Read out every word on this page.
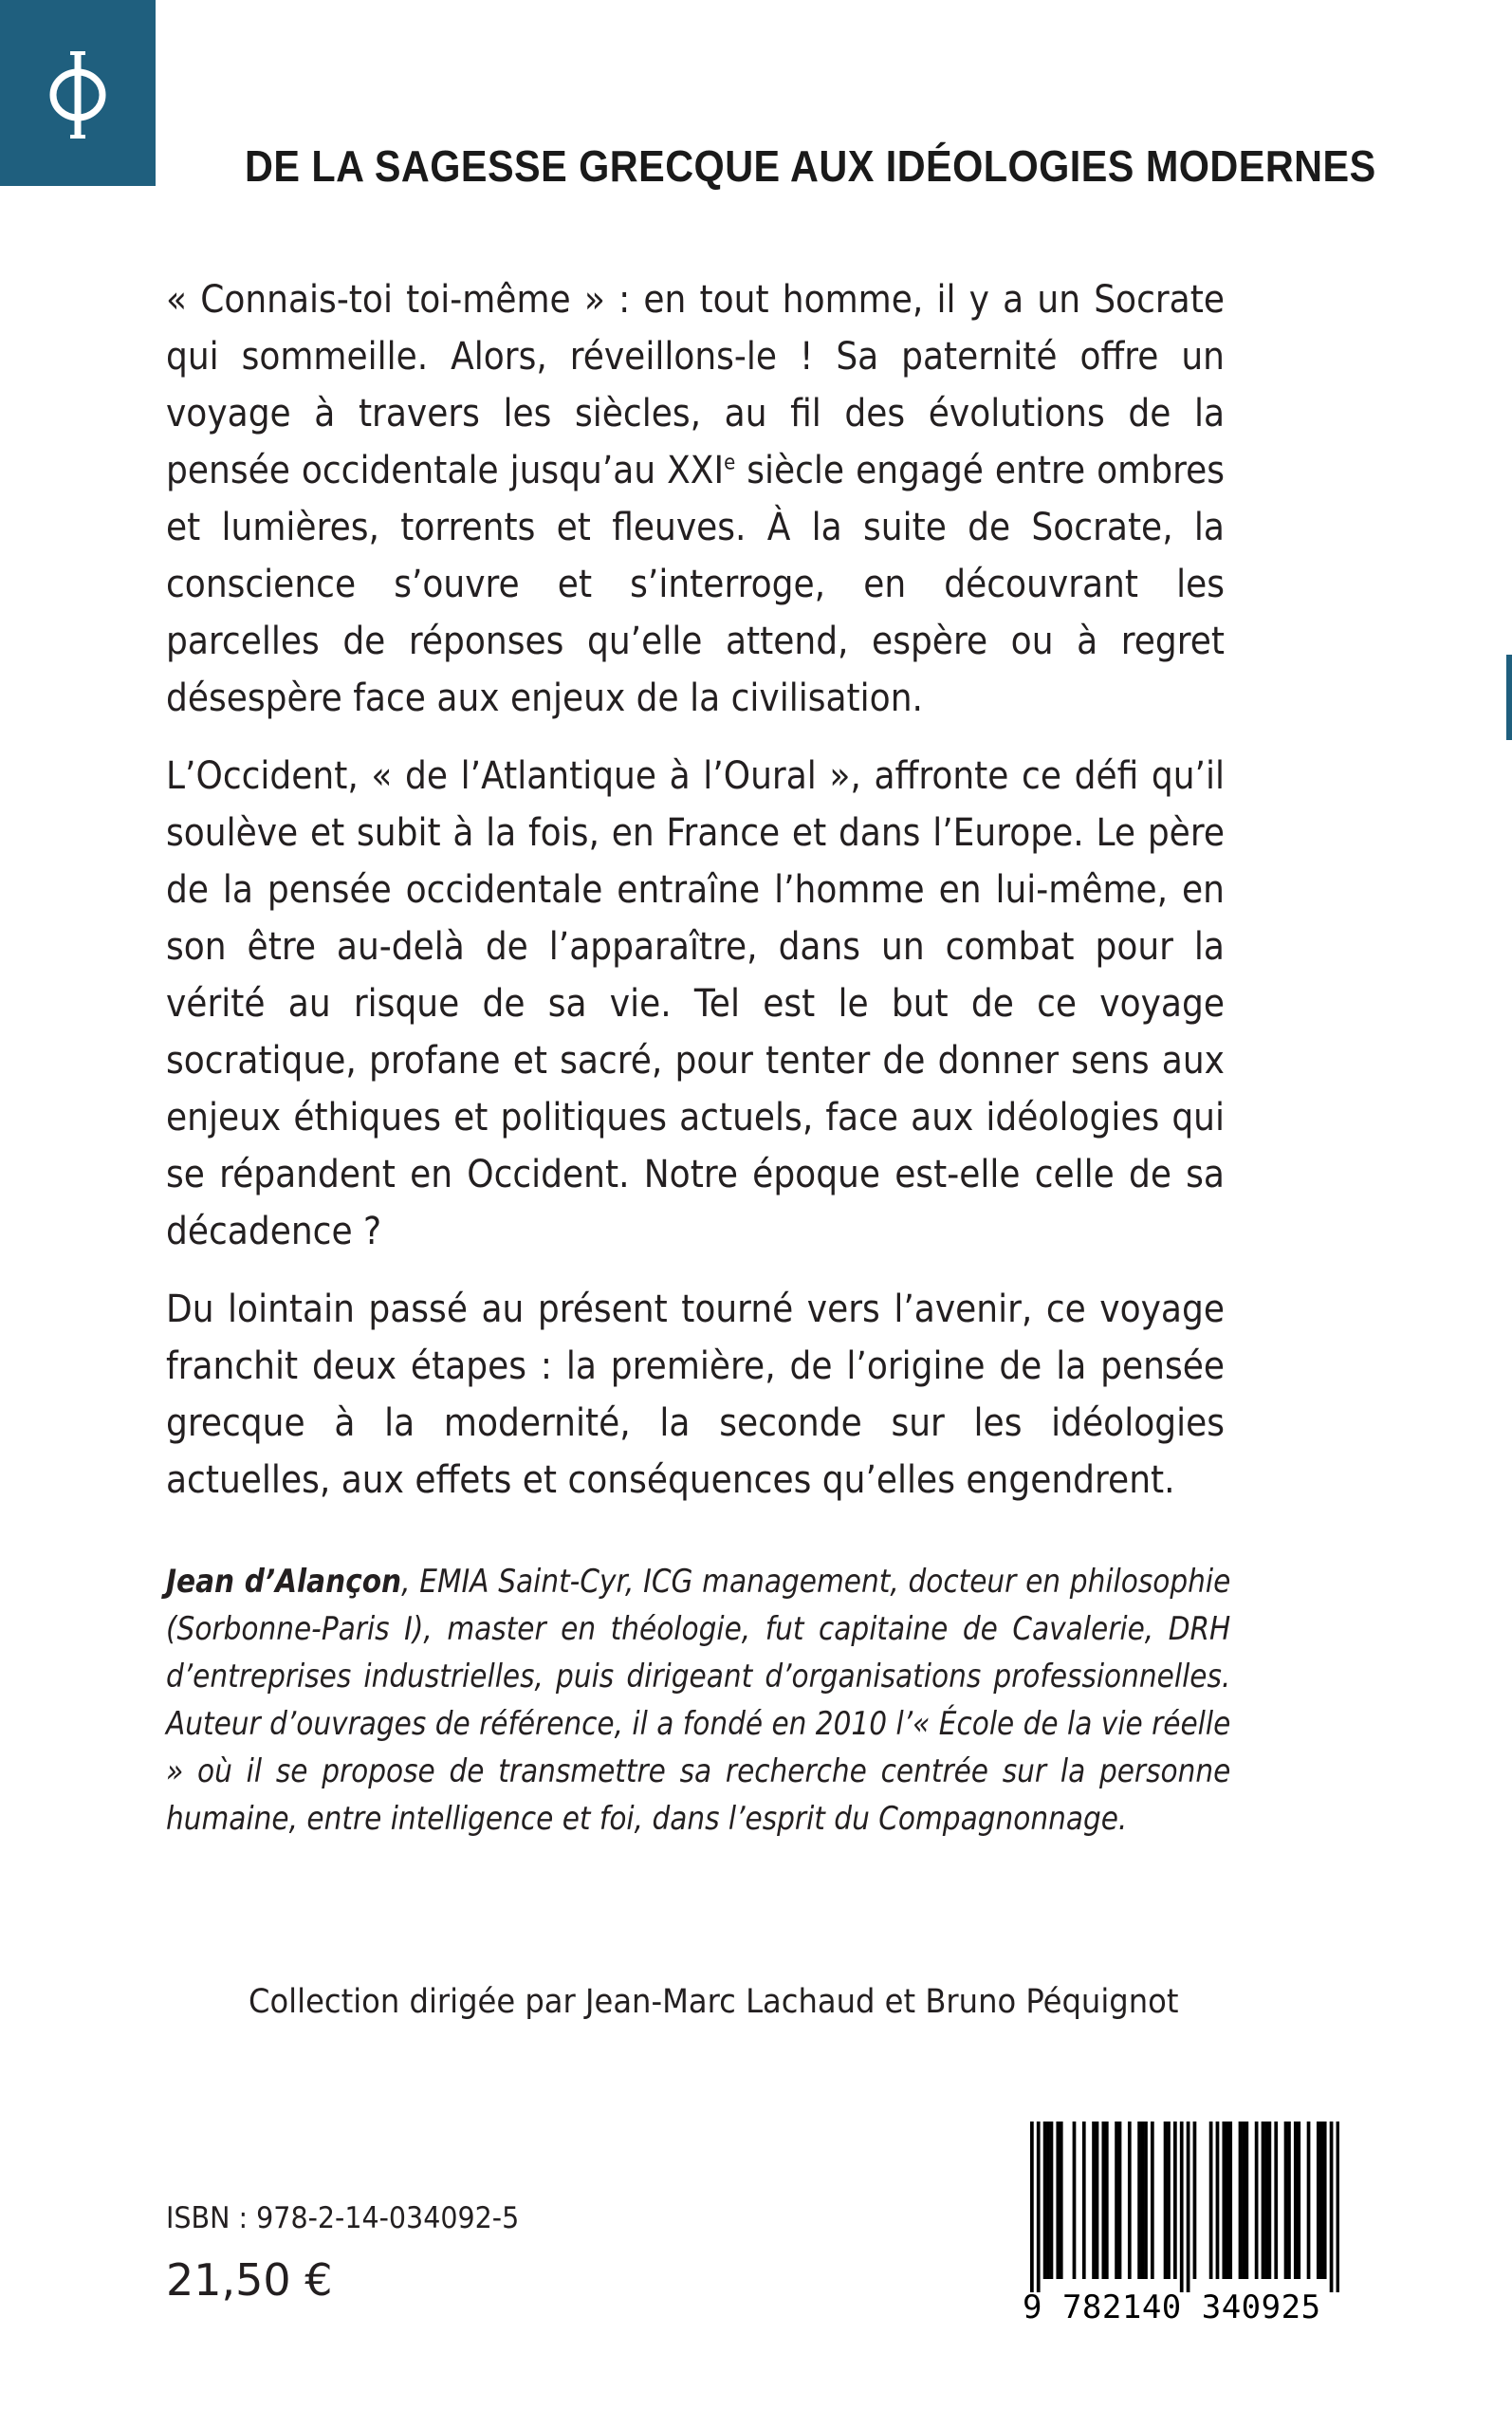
DE LA SAGESSE GRECQUE AUX IDÉOLOGIES MODERNES

« Connais-toi toi-même » : en tout homme, il y a un Socrate qui sommeille. Alors, réveillons-le ! Sa paternité offre un voyage à travers les siècles, au fil des évolutions de la pensée occidentale jusqu’au XXIe siècle engagé entre ombres et lumières, torrents et fleuves. À la suite de Socrate, la conscience s’ouvre et s’interroge, en découvrant les parcelles de réponses qu’elle attend, espère ou à regret désespère face aux enjeux de la civilisation.

L’Occident, « de l’Atlantique à l’Oural », affronte ce défi qu’il soulève et subit à la fois, en France et dans l’Europe. Le père de la pensée occidentale entraîne l’homme en lui-même, en son être au-delà de l’apparaître, dans un combat pour la vérité au risque de sa vie. Tel est le but de ce voyage socratique, profane et sacré, pour tenter de donner sens aux enjeux éthiques et politiques actuels, face aux idéologies qui se répandent en Occident. Notre époque est-elle celle de sa décadence ?

Du lointain passé au présent tourné vers l’avenir, ce voyage franchit deux étapes : la première, de l’origine de la pensée grecque à la modernité, la seconde sur les idéologies actuelles, aux effets et conséquences qu’elles engendrent.

Jean d’Alançon, EMIA Saint-Cyr, ICG management, docteur en philosophie (Sorbonne-Paris I), master en théologie, fut capitaine de Cavalerie, DRH d’entreprises industrielles, puis dirigeant d’organisations professionnelles. Auteur d’ouvrages de référence, il a fondé en 2010 l’« École de la vie réelle » où il se propose de transmettre sa recherche centrée sur la personne humaine, entre intelligence et foi, dans l’esprit du Compagnonnage.
Collection dirigée par Jean-Marc Lachaud et Bruno Péquignot
ISBN : 978-2-14-034092-5
21,50 €
9 782140 340925
